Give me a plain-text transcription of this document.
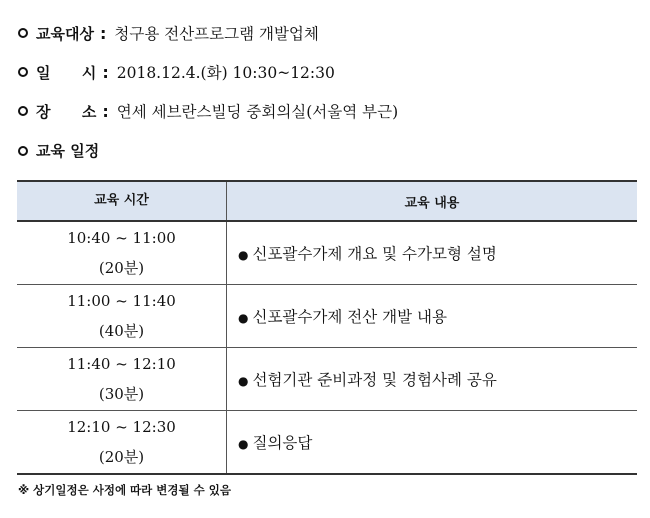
교육대상 : 청구용 전산프로그램 개발업체
일      시 : 2018.12.4.(화) 10:30~12:30
장      소 : 연세 세브란스빌딩 중회의실(서울역 부근)
교육 일정
교육 시간	교육 내용

10:40 ~ 11:00
(20분)	● 신포괄수가제 개요 및 수가모형 설명

11:00 ~ 11:40
(40분)	● 신포괄수가제 전산 개발 내용

11:40 ~ 12:10
(30분)	● 선험기관 준비과정 및 경험사례 공유

12:10 ~ 12:30
(20분)	● 질의응답
※ 상기일정은 사정에 따라 변경될 수 있음
